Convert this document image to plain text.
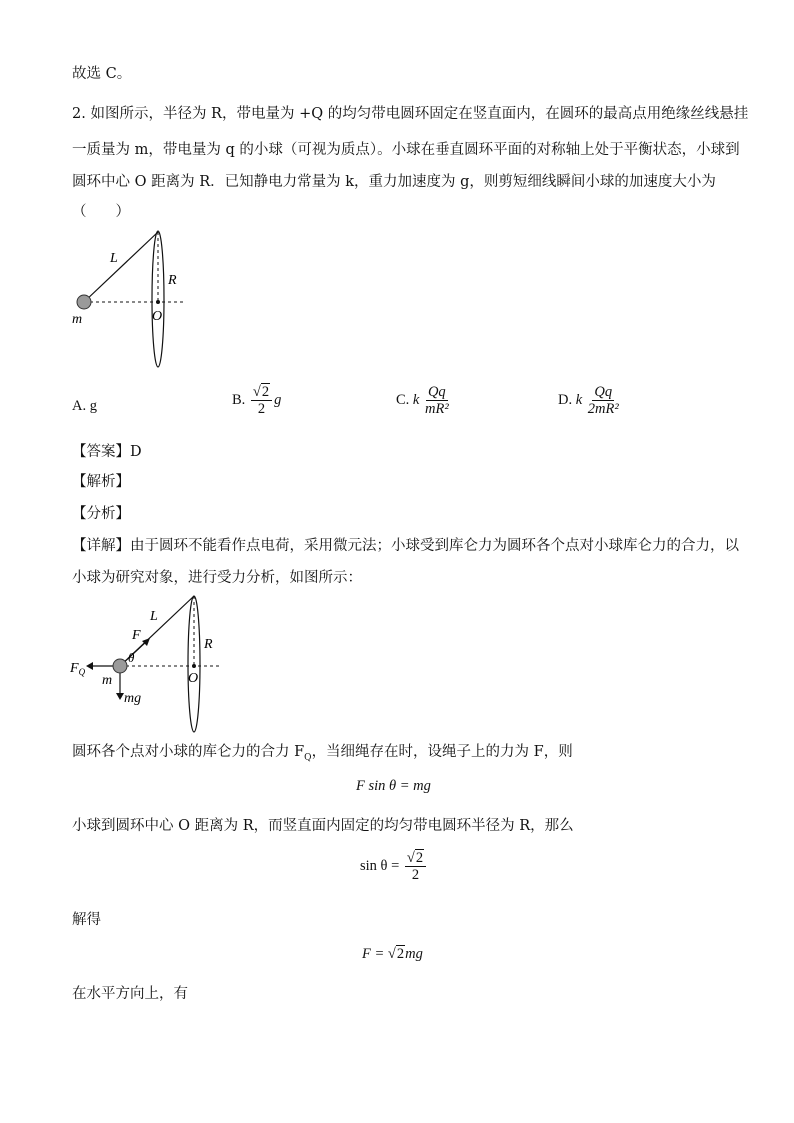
故选 C。
2. 如图所示，半径为 R，带电量为 +Q 的均匀带电圆环固定在竖直面内，在圆环的最高点用绝缘丝线悬挂
一质量为 m，带电量为 q 的小球（可视为质点）。小球在垂直圆环平面的对称轴上处于平衡状态，小球到
圆环中心 O 距离为 R．已知静电力常量为 k，重力加速度为 g，则剪短细线瞬间小球的加速度大小为
（　　）
L
R
O
m
A. g	B. $\frac{√2}{2}$ g	C. k $\frac{Qq}{\text{mR²}}$	D. k $\frac{Qq}{\text{2mR²}}$
【答案】D
【解析】
【分析】
【详解】由于圆环不能看作点电荷，采用微元法；小球受到库仑力为圆环各个点对小球库仑力的合力，以
小球为研究对象，进行受力分析，如图所示：
L
F
θ
R
O
$F_Q$
m
mg
圆环各个点对小球的库仑力的合力 $F_Q$，当细绳存在时，设绳子上的力为 F，则
F sin θ = mg
小球到圆环中心 O 距离为 R，而竖直面内固定的均匀带电圆环半径为 R，那么
$\sin \theta = \frac{√2}{2}$
解得
F = √2mg
在水平方向上，有
